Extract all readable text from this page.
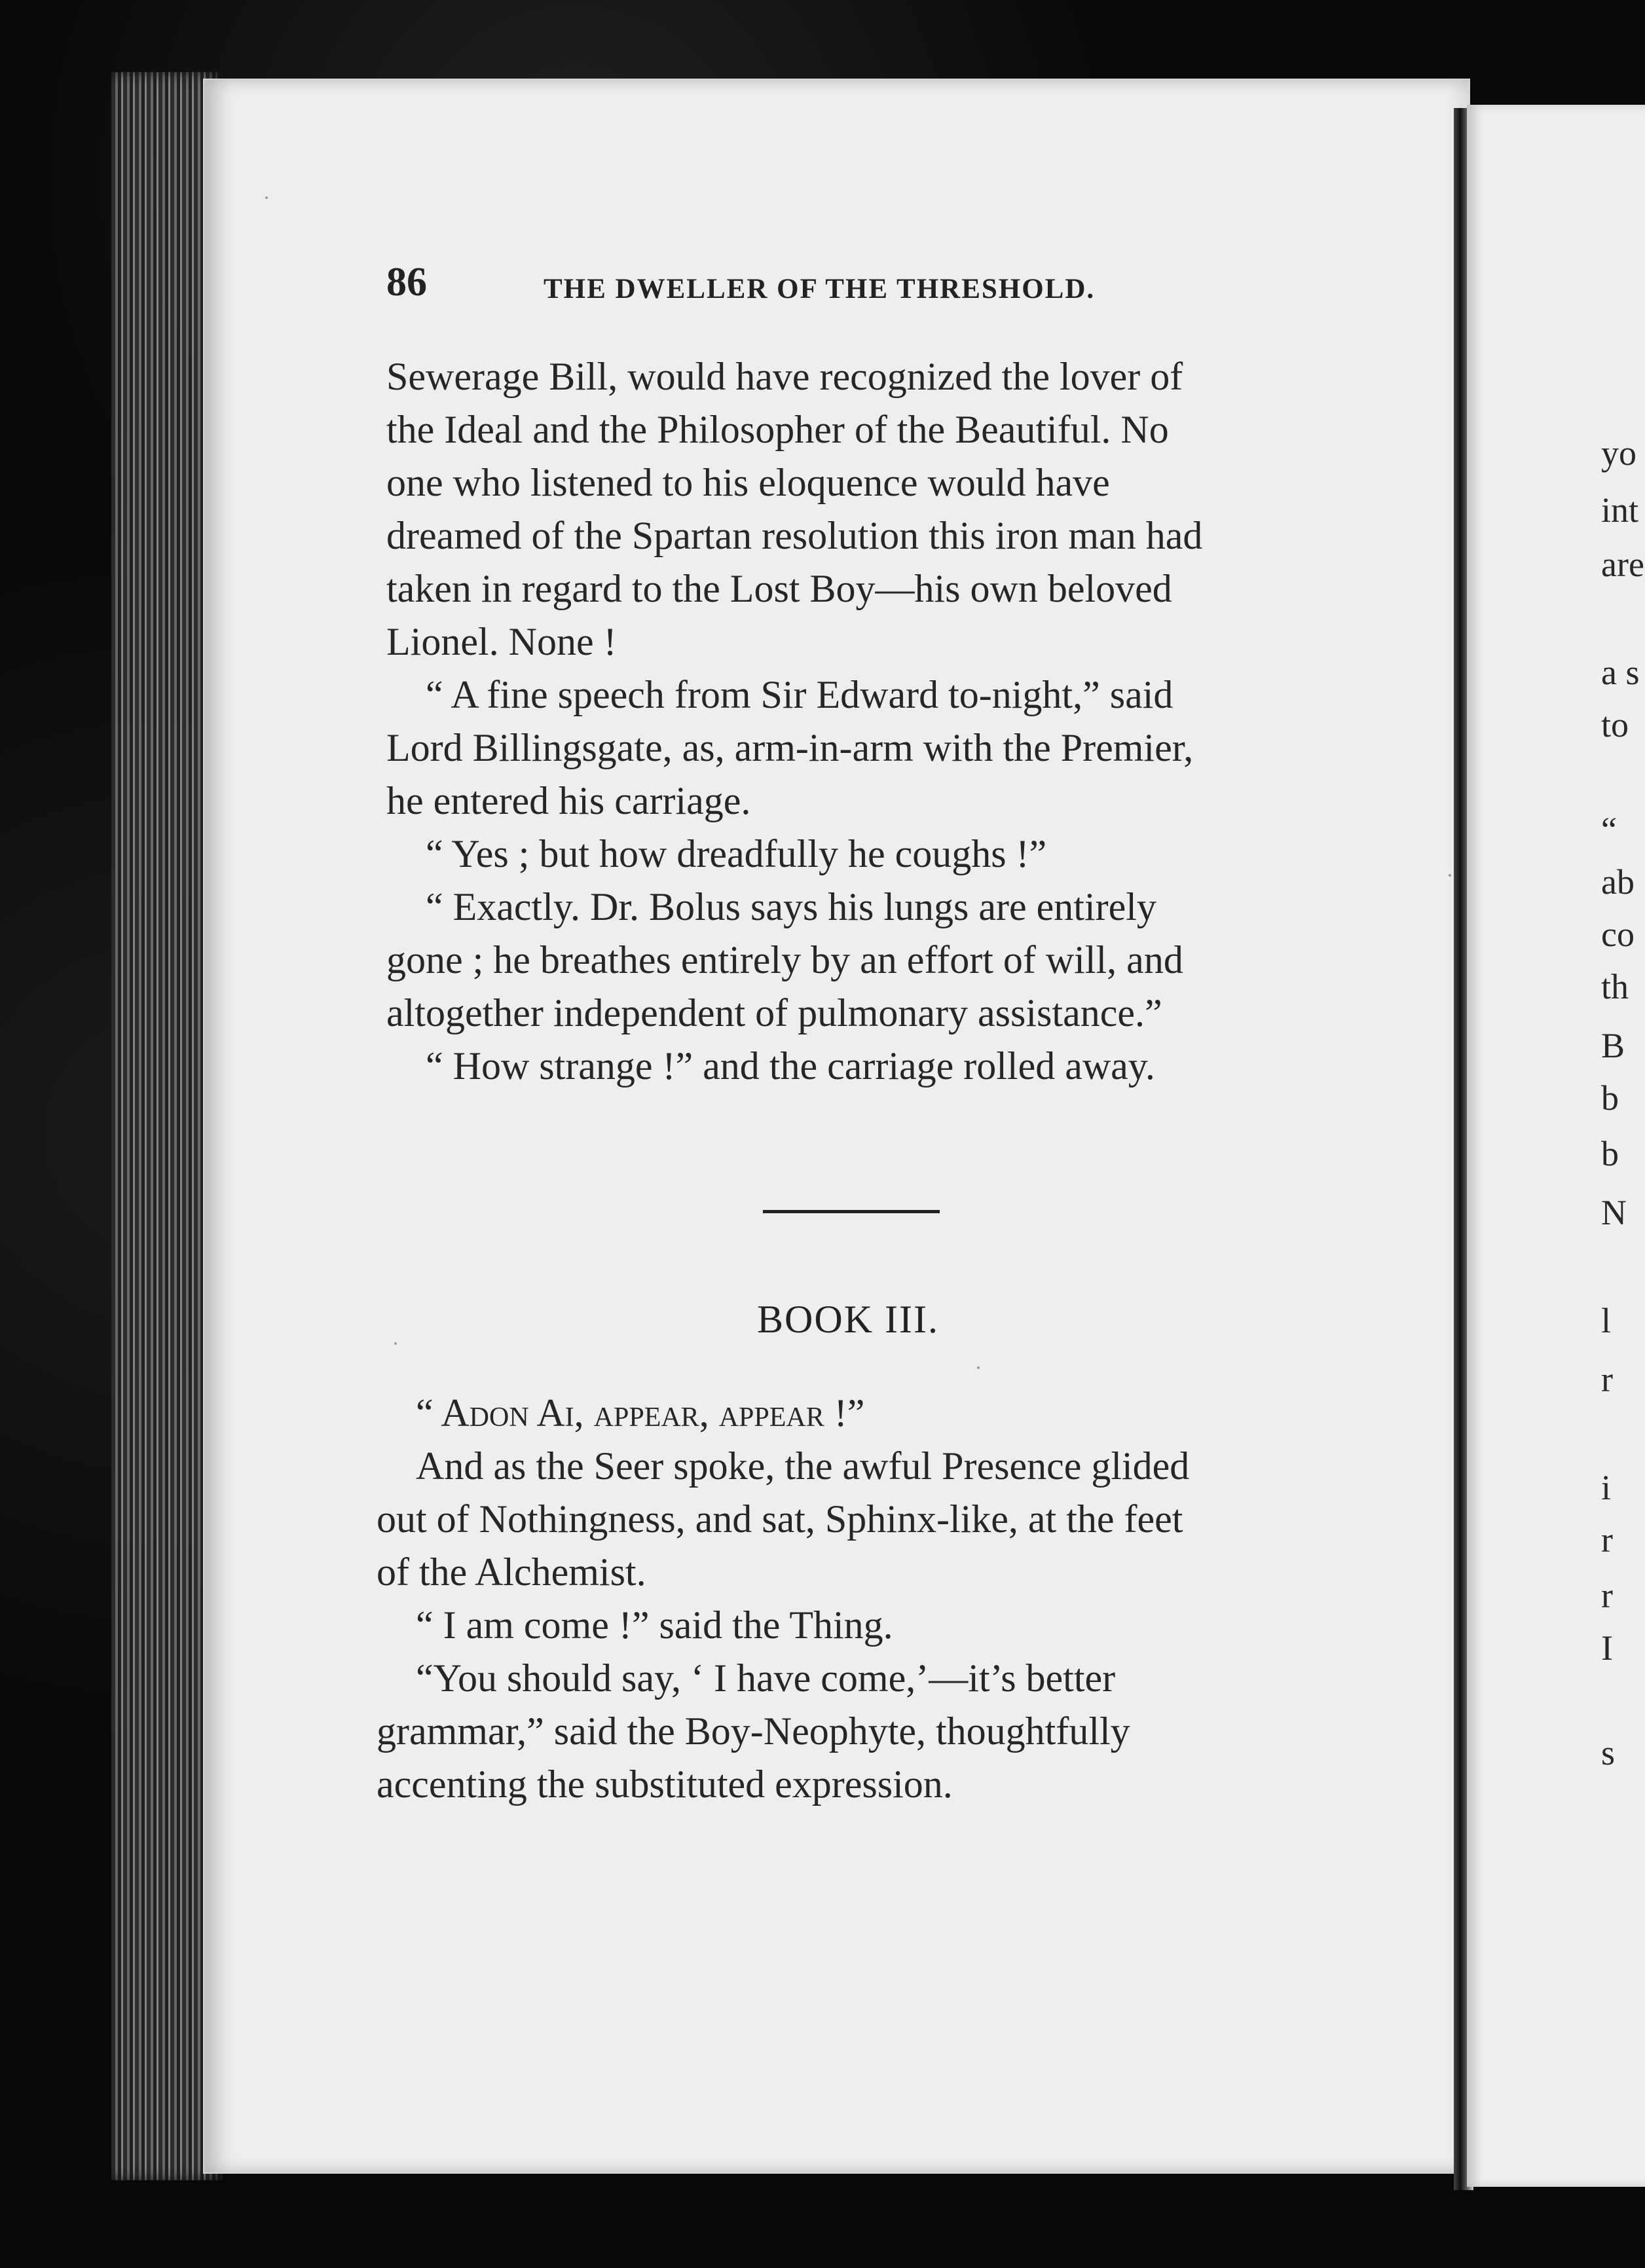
86	THE DWELLER OF THE THRESHOLD.
Sewerage Bill, would have recognized the lover of
the Ideal and the Philosopher of the Beautiful. No
one who listened to his eloquence would have
dreamed of the Spartan resolution this iron man had
taken in regard to the Lost Boy—his own beloved
Lionel. None !
“ A fine speech from Sir Edward to-night,” said
Lord Billingsgate, as, arm-in-arm with the Premier,
he entered his carriage.
“ Yes ; but how dreadfully he coughs !”
“ Exactly. Dr. Bolus says his lungs are entirely
gone ; he breathes entirely by an effort of will, and
altogether independent of pulmonary assistance.”
“ How strange !” and the carriage rolled away.
BOOK III.
“ Adon Ai, appear, appear !”
And as the Seer spoke, the awful Presence glided
out of Nothingness, and sat, Sphinx-like, at the feet
of the Alchemist.
“ I am come !” said the Thing.
“You should say, ‘ I have come,’—it’s better
grammar,” said the Boy-Neophyte, thoughtfully
accenting the substituted expression.
yo
int
are
a s
to
“
ab
co
th
B
b
b
N
l
r
i
r
r
I
s
